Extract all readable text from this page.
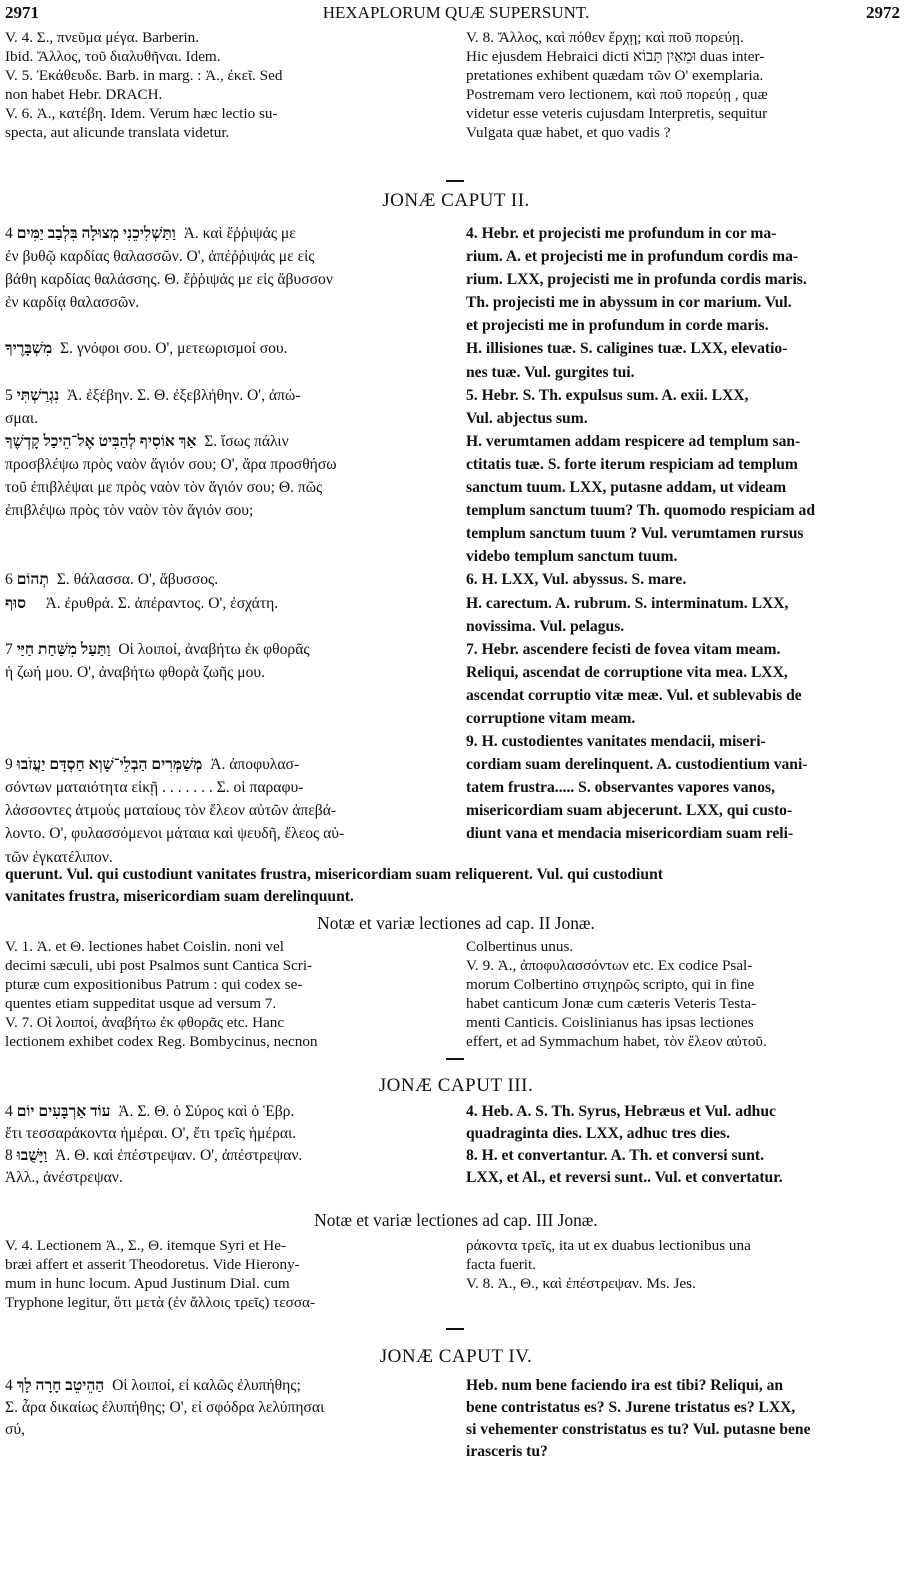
2971	HEXAPLORUM QUÆ SUPERSUNT.	2972
V. 4. Σ., πνεῦμα μέγα. Barberin.
Ibid. Ἄλλος, τοῦ διαλυθῆναι. Idem.
V. 5. Ἐκάθευδε. Barb. in marg. : Ἀ., ἐκεῖ. Sed
non habet Hebr. DRACH.
V. 6. Ἀ., κατέβη. Idem. Verum hæc lectio su-
specta, aut alicunde translata videtur.
V. 8. Ἄλλος, καὶ πόθεν ἔρχῃ; καὶ ποῦ πορεύῃ.
Hic ejusdem Hebraici dicti וּמֵאַיִן תָּבוֹא duas inter-
pretationes exhibent quædam τῶν Ο' exemplaria.
Postremam vero lectionem, καὶ ποῦ πορεύῃ , quæ
videtur esse veteris cujusdam Interpretis, sequitur
Vulgata quæ habet, et quo vadis ?
JONÆ CAPUT II.
וַתַּשְׁלִיכֵנִי מְצוּלָה בִּלְבַב יַמִּים 4  Ἀ. καὶ ἔῤῥιψάς με
ἐν βυθῷ καρδίας θαλασσῶν. Ο', ἀπέῤῥιψάς με εἰς
βάθη καρδίας θαλάσσης. Θ. ἔῤῥιψάς με εἰς ἄβυσσον
ἐν καρδίᾳ θαλασσῶν.

מִשְׁבָּרֶיךָ  Σ. γνόφοι σου. Ο', μετεωρισμοί σου.

נִגְרַשְׁתִּי 5  Ἀ. ἐξέβην. Σ. Θ. ἐξεβλήθην. Ο', ἀπώ-
σμαι.
אַךְ אוֹסִיף לְהַבִּיט אֶל־הֵיכַל קָדְשֶׁךָ  Σ. ἴσως πάλιν
προσβλέψω πρὸς ναὸν ἅγιόν σου; Ο', ἄρα προσθήσω
τοῦ ἐπιβλέψαι με πρὸς ναὸν τὸν ἅγιόν σου; Θ. πῶς
ἐπιβλέψω πρὸς τὸν ναὸν τὸν ἅγιόν σου;

תְהוֹם 6  Σ. θάλασσα. Ο', ἄβυσσος.
סוּף     Ἀ. ἐρυθρά. Σ. ἀπέραντος. Ο', ἐσχάτη.

וַתַּעַל מִשַּׁחַת חַיַּי 7  Οἱ λοιποί, ἀναβήτω ἐκ φθορᾶς
ἡ ζωή μου. Ο', ἀναβήτω φθορὰ ζωῆς μου.

מְשַׁמְּרִים הַבְלֵי־שָׁוְא חַסְדָּם יַעֲזֹבוּ 9  Ἀ. ἀποφυλασ-
σόντων ματαιότητα εἰκῇ . . . . . . . Σ. οἱ παραφυ-
λάσσοντες ἀτμοὺς ματαίους τὸν ἔλεον αὐτῶν ἀπεβά-
λοντο. Ο', φυλασσόμενοι μάταια καὶ ψευδῆ, ἔλεος αὐ-
τῶν ἐγκατέλιπον.
4. Hebr. et projecisti me profundum in cor ma-
rium. A. et projecisti me in profundum cordis ma-
rium. LXX, projecisti me in profunda cordis maris.
Th. projecisti me in abyssum in cor marium. Vul.
et projecisti me in profundum in corde maris.
H. illisiones tuæ. S. caligines tuæ. LXX, elevatio-
nes tuæ. Vul. gurgites tui.
5. Hebr. S. Th. expulsus sum. A. exii. LXX,
Vul. abjectus sum.
H. verumtamen addam respicere ad templum san-
ctitatis tuæ. S. forte iterum respiciam ad templum
sanctum tuum. LXX, putasne addam, ut videam
templum sanctum tuum? Th. quomodo respiciam ad
templum sanctum tuum ? Vul. verumtamen rursus
videbo templum sanctum tuum.
6. H. LXX, Vul. abyssus. S. mare.
H. carectum. A. rubrum. S. interminatum. LXX,
novissima. Vul. pelagus.
7. Hebr. ascendere fecisti de fovea vitam meam.
Reliqui, ascendat de corruptione vita mea. LXX,
ascendat corruptio vitæ meæ. Vul. et sublevabis de
corruptione vitam meam.
9. H. custodientes vanitates mendacii, miseri-
cordiam suam derelinquent. A. custodientium vani-
tatem frustra..... S. observantes vapores vanos,
misericordiam suam abjecerunt. LXX, qui custo-
diunt vana et mendacia misericordiam suam reli-
querunt. Vul. qui custodiunt vanitates frustra, misericordiam suam reliquerent. Vul. qui custodiunt
vanitates frustra, misericordiam suam derelinquunt.
Notæ et variæ lectiones ad cap. II Jonæ.
V. 1. Ἀ. et Θ. lectiones habet Coislin. noni vel
decimi sæculi, ubi post Psalmos sunt Cantica Scri-
pturæ cum expositionibus Patrum : qui codex se-
quentes etiam suppeditat usque ad versum 7.
V. 7. Οἱ λοιποί, ἀναβήτω ἐκ φθορᾶς etc. Hanc
lectionem exhibet codex Reg. Bombycinus, necnon
Colbertinus unus.
V. 9. Ἀ., ἀποφυλασσόντων etc. Ex codice Psal-
morum Colbertino στιχηρῶς scripto, qui in fine
habet canticum Jonæ cum cæteris Veteris Testa-
menti Canticis. Coislinianus has ipsas lectiones
effert, et ad Symmachum habet, τὸν ἔλεον αὐτοῦ.
JONÆ CAPUT III.
עוֹד אַרְבָּעִים יוֹם 4  Ἀ. Σ. Θ. ὁ Σύρος καὶ ὁ Ἑβρ.
ἔτι τεσσαράκοντα ἡμέραι. Ο', ἔτι τρεῖς ἡμέραι.
וַיָּשֻׁבוּ 8  Ἀ. Θ. καὶ ἐπέστρεψαν. Ο', ἀπέστρεψαν.
Ἀλλ., ἀνέστρεψαν.
4. Heb. A. S. Th. Syrus, Hebræus et Vul. adhuc
quadraginta dies. LXX, adhuc tres dies.
8. H. et convertantur. A. Th. et conversi sunt.
LXX, et Al., et reversi sunt.. Vul. et convertatur.
Notæ et variæ lectiones ad cap. III Jonæ.
V. 4. Lectionem Ἀ., Σ., Θ. itemque Syri et He-
bræi affert et asserit Theodoretus. Vide Hierony-
mum in hunc locum. Apud Justinum Dial. cum
Tryphone legitur, ὅτι μετὰ (ἐν ἄλλοις τρεῖς) τεσσα-
ράκοντα τρεῖς, ita ut ex duabus lectionibus una
facta fuerit.
V. 8. Ἀ., Θ., καὶ ἐπέστρεψαν. Ms. Jes.
JONÆ CAPUT IV.
הַהֵיטֵב חָרָה לָךְ 4  Οἱ λοιποί, εἰ καλῶς ἐλυπήθης;
Σ. ἆρα δικαίως ἐλυπήθης; Ο', εἰ σφόδρα λελύπησαι
σύ,
Heb. num bene faciendo ira est tibi? Reliqui, an
bene contristatus es? S. Jurene tristatus es? LXX,
si vehementer constristatus es tu? Vul. putasne bene
irasceris tu?
